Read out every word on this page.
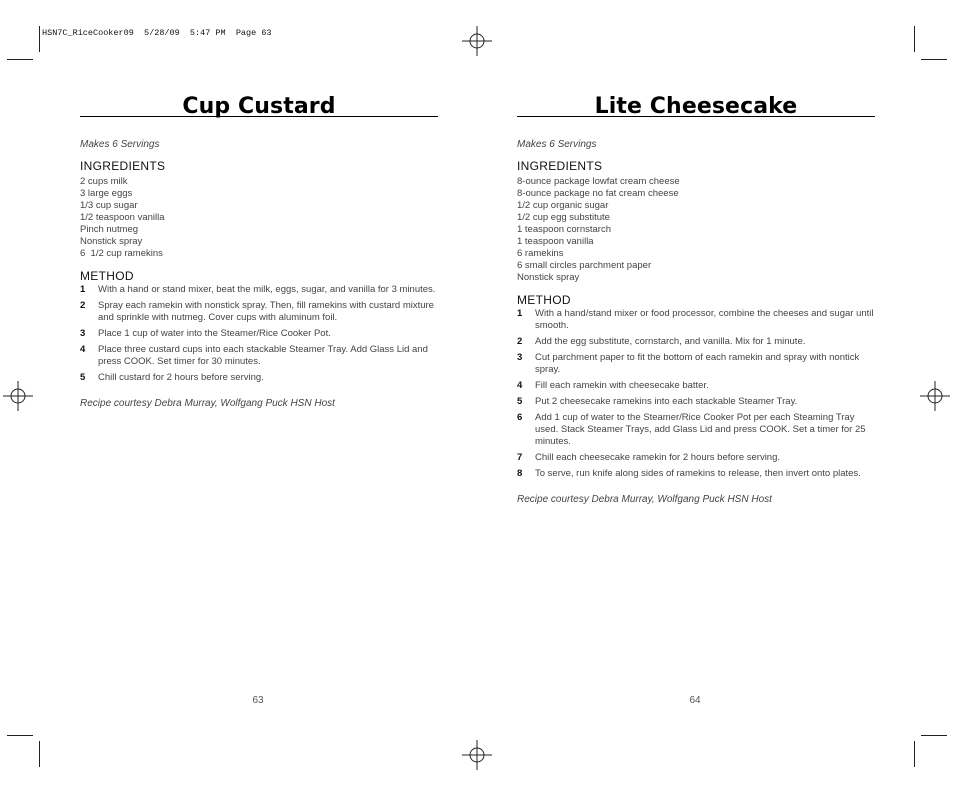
HSN7C_RiceCooker09  5/28/09  5:47 PM  Page 63
Cup Custard
Makes 6 Servings
INGREDIENTS
2 cups milk
3 large eggs
1/3 cup sugar
1/2 teaspoon vanilla
Pinch nutmeg
Nonstick spray
6  1/2 cup ramekins
METHOD
1	With a hand or stand mixer, beat the milk, eggs, sugar, and vanilla for 3 minutes.
2	Spray each ramekin with nonstick spray. Then, fill ramekins with custard mixture and sprinkle with nutmeg. Cover cups with aluminum foil.
3	Place 1 cup of water into the Steamer/Rice Cooker Pot.
4	Place three custard cups into each stackable Steamer Tray. Add Glass Lid and press COOK. Set timer for 30 minutes.
5	Chill custard for 2 hours before serving.
Recipe courtesy Debra Murray, Wolfgang Puck HSN Host
63
Lite Cheesecake
Makes 6 Servings
INGREDIENTS
8-ounce package lowfat cream cheese
8-ounce package no fat cream cheese
1/2 cup organic sugar
1/2 cup egg substitute
1 teaspoon cornstarch
1 teaspoon vanilla
6 ramekins
6 small circles parchment paper
Nonstick spray
METHOD
1	With a hand/stand mixer or food processor, combine the cheeses and sugar until smooth.
2	Add the egg substitute, cornstarch, and vanilla. Mix for 1 minute.
3	Cut parchment paper to fit the bottom of each ramekin and spray with nontick spray.
4	Fill each ramekin with cheesecake batter.
5	Put 2 cheesecake ramekins into each stackable Steamer Tray.
6	Add 1 cup of water to the Steamer/Rice Cooker Pot per each Steaming Tray used. Stack Steamer Trays, add Glass Lid and press COOK. Set a timer for 25 minutes.
7	Chill each cheesecake ramekin for 2 hours before serving.
8	To serve, run knife along sides of ramekins to release, then invert onto plates.
Recipe courtesy Debra Murray, Wolfgang Puck HSN Host
64
